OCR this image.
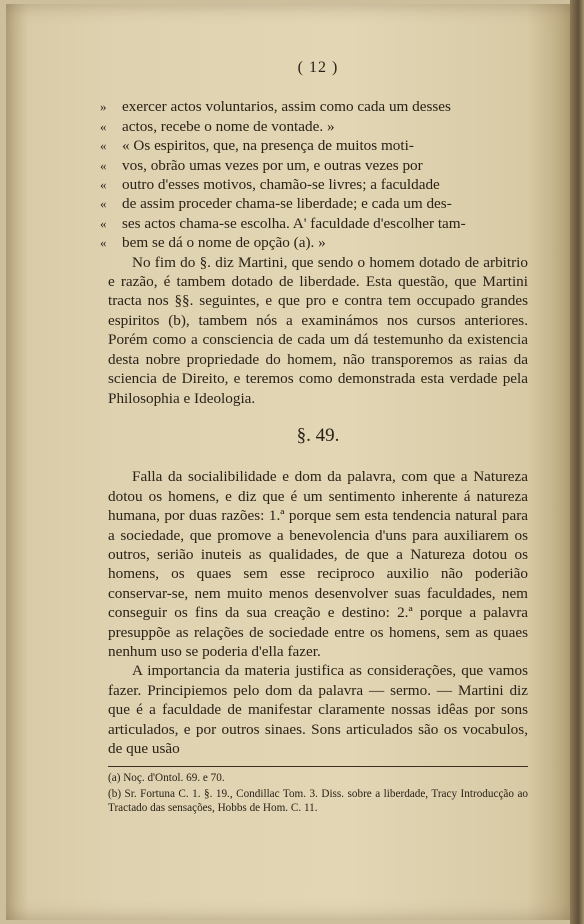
( 12 )
» exercer actos voluntarios, assim como cada um desses
« actos, recebe o nome de vontade. »
« « Os espiritos, que, na presença de muitos moti-
« vos, obrão umas vezes por um, e outras vezes por
« outro d'esses motivos, chamão-se livres; a faculdade
« de assim proceder chama-se liberdade; e cada um des-
« ses actos chama-se escolha. A' faculdade d'escolher tam-
« bem se dá o nome de opção (a). »

No fim do §. diz Martini, que sendo o homem dotado de arbitrio e razão, é tambem dotado de liberdade. Esta questão, que Martini tracta nos §§. seguintes, e que pro e contra tem occupado grandes espiritos (b), tambem nós a examinámos nos cursos anteriores. Porém como a consciencia de cada um dá testemunho da existencia desta nobre propriedade do homem, não transporemos as raias da sciencia de Direito, e teremos como demonstrada esta verdade pela Philosophia e Ideologia.

§. 49.

Falla da socialibilidade e dom da palavra, com que a Natureza dotou os homens, e diz que é um sentimento inherente á natureza humana, por duas razões: 1.ª porque sem esta tendencia natural para a sociedade, que promove a benevolencia d'uns para auxiliarem os outros, serião inuteis as qualidades, de que a Natureza dotou os homens, os quaes sem esse reciproco auxilio não poderião conservar-se, nem muito menos desenvolver suas faculdades, nem conseguir os fins da sua creação e destino: 2.ª porque a palavra presuppõe as relações de sociedade entre os homens, sem as quaes nenhum uso se poderia d'ella fazer.

A importancia da materia justifica as considerações, que vamos fazer. Principiemos pelo dom da palavra — sermo. — Martini diz que é a faculdade de manifestar claramente nossas idêas por sons articulados, e por outros sinaes. Sons articulados são os vocabulos, de que usão

(a) Noç. d'Ontol. 69. e 70.

(b) Sr. Fortuna C. 1. §. 19., Condillac Tom. 3. Diss. sobre a liberdade, Tracy Introducção ao Tractado das sensações, Hobbs de Hom. C. 11.
